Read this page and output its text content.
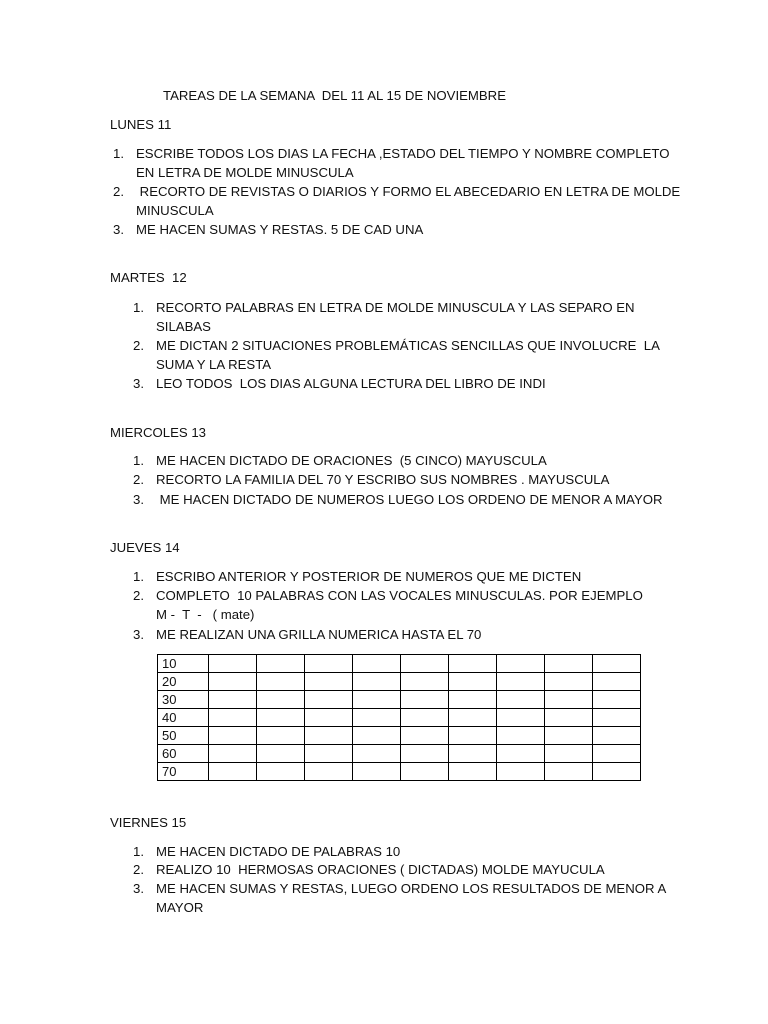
TAREAS DE LA SEMANA  DEL 11 AL 15 DE NOVIEMBRE
LUNES 11
1. ESCRIBE TODOS LOS DIAS LA FECHA ,ESTADO DEL TIEMPO Y NOMBRE COMPLETO
EN LETRA DE MOLDE MINUSCULA
2. RECORTO DE REVISTAS O DIARIOS Y FORMO EL ABECEDARIO EN LETRA DE MOLDE
MINUSCULA
3. ME HACEN SUMAS Y RESTAS. 5 DE CAD UNA
MARTES  12
1. RECORTO PALABRAS EN LETRA DE MOLDE MINUSCULA Y LAS SEPARO EN
SILABAS
2. ME DICTAN 2 SITUACIONES PROBLEMÁTICAS SENCILLAS QUE INVOLUCRE  LA
SUMA Y LA RESTA
3. LEO TODOS  LOS DIAS ALGUNA LECTURA DEL LIBRO DE INDI
MIERCOLES 13
1. ME HACEN DICTADO DE ORACIONES  (5 CINCO) MAYUSCULA
2. RECORTO LA FAMILIA DEL 70 Y ESCRIBO SUS NOMBRES . MAYUSCULA
3. ME HACEN DICTADO DE NUMEROS LUEGO LOS ORDENO DE MENOR A MAYOR
JUEVES 14
1. ESCRIBO ANTERIOR Y POSTERIOR DE NUMEROS QUE ME DICTEN
2. COMPLETO  10 PALABRAS CON LAS VOCALES MINUSCULAS. POR EJEMPLO
M -  T  -   ( mate)
3. ME REALIZAN UNA GRILLA NUMERICA HASTA EL 70
VIERNES 15
1. ME HACEN DICTADO DE PALABRAS 10
2. REALIZO 10  HERMOSAS ORACIONES ( DICTADAS) MOLDE MAYUCULA
3. ME HACEN SUMAS Y RESTAS, LUEGO ORDENO LOS RESULTADOS DE MENOR A
MAYOR
10									
20									
30									
40									
50									
60									
70									
